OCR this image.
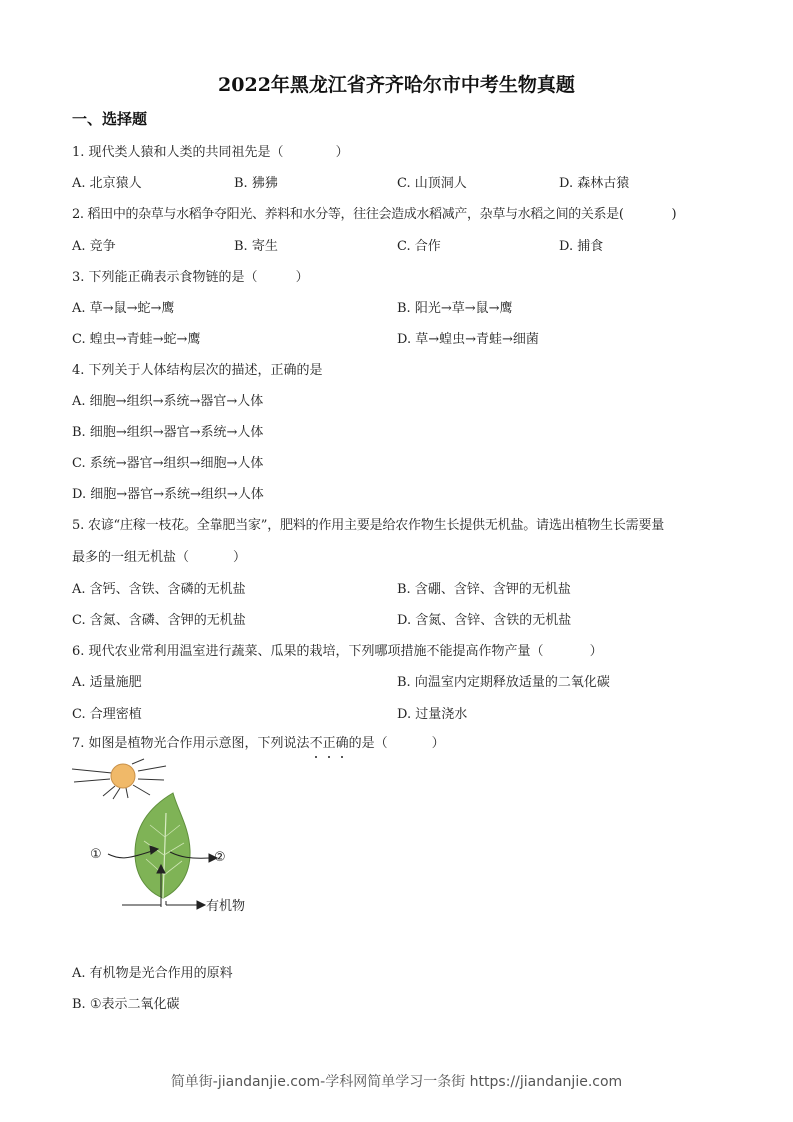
2022年黑龙江省齐齐哈尔市中考生物真题
一、选择题
1. 现代类人猿和人类的共同祖先是（	）
A. 北京猿人	B. 狒狒	C. 山顶洞人	D. 森林古猿
2. 稻田中的杂草与水稻争夺阳光、养料和水分等，往往会造成水稻减产，杂草与水稻之间的关系是(	)
A. 竞争	B. 寄生	C. 合作	D. 捕食
3. 下列能正确表示食物链的是（	）
A. 草→鼠→蛇→鹰	B. 阳光→草→鼠→鹰
C. 蝗虫→青蛙→蛇→鹰	D. 草→蝗虫→青蛙→细菌
4. 下列关于人体结构层次的描述，正确的是
A. 细胞→组织→系统→器官→人体
B. 细胞→组织→器官→系统→人体
C. 系统→器官→组织→细胞→人体
D. 细胞→器官→系统→组织→人体
5. 农谚“庄稼一枝花。全靠肥当家”，肥料的作用主要是给农作物生长提供无机盐。请选出植物生长需要量
最多的一组无机盐（	）
A. 含钙、含铁、含磷的无机盐	B. 含硼、含锌、含钾的无机盐
C. 含氮、含磷、含钾的无机盐	D. 含氮、含锌、含铁的无机盐
6. 现代农业常利用温室进行蔬菜、瓜果的栽培，下列哪项措施不能提高作物产量（	）
A. 适量施肥	B. 向温室内定期释放适量的二氧化碳
C. 合理密植	D. 过量浇水
7. 如图是植物光合作用示意图，下列说法不正确
的是（	）
①	②
有机物
A. 有机物是光合作用的原料
B. ①表示二氧化碳
简单街-jiandanjie.com-学科网简单学习一条街 https://jiandanjie.com
